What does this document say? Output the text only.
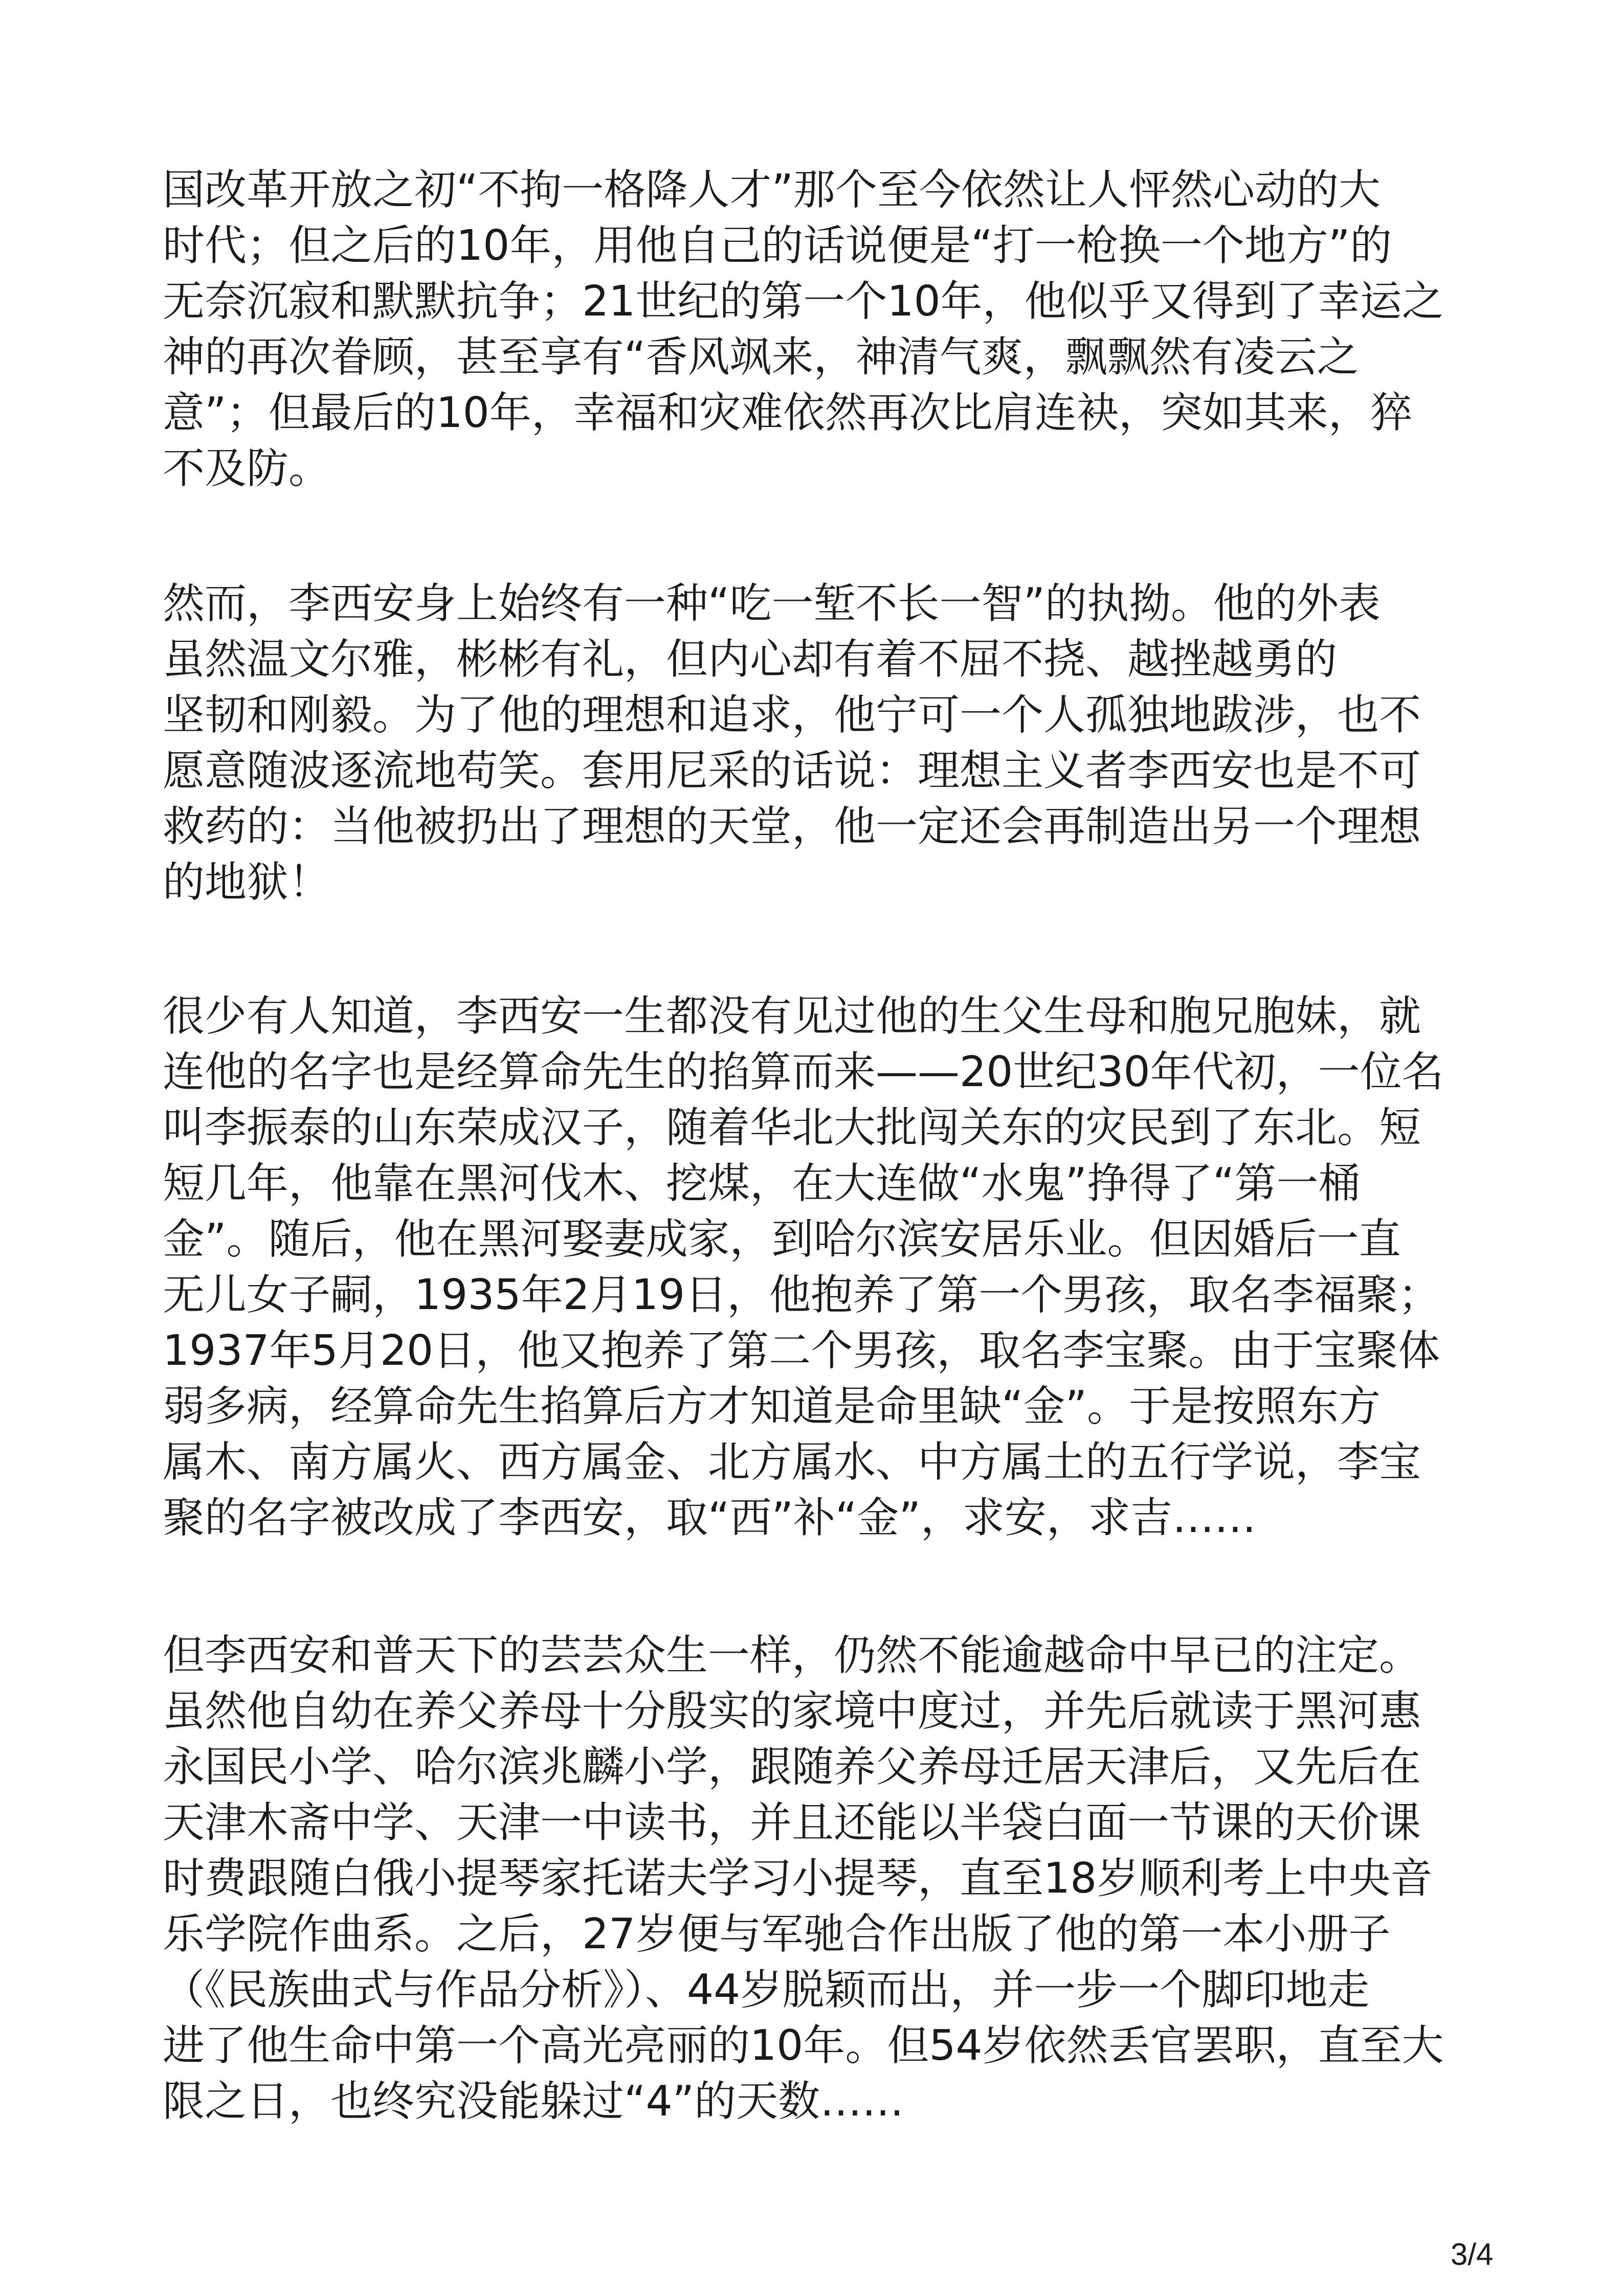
国改革开放之初“不拘一格降人才”那个至今依然让人怦然心动的大
时代；但之后的10年，用他自己的话说便是“打一枪换一个地方”的
无奈沉寂和默默抗争；21世纪的第一个10年，他似乎又得到了幸运之
神的再次眷顾，甚至享有“香风飒来，神清气爽，飘飘然有凌云之
意”；但最后的10年，幸福和灾难依然再次比肩连袂，突如其来，猝
不及防。
然而，李西安身上始终有一种“吃一堑不长一智”的执拗。他的外表
虽然温文尔雅，彬彬有礼，但内心却有着不屈不挠、越挫越勇的
坚韧和刚毅。为了他的理想和追求，他宁可一个人孤独地跋涉，也不
愿意随波逐流地苟笑。套用尼采的话说：理想主义者李西安也是不可
救药的：当他被扔出了理想的天堂，他一定还会再制造出另一个理想
的地狱！
很少有人知道，李西安一生都没有见过他的生父生母和胞兄胞妹，就
连他的名字也是经算命先生的掐算而来——20世纪30年代初，一位名
叫李振泰的山东荣成汉子，随着华北大批闯关东的灾民到了东北。短
短几年，他靠在黑河伐木、挖煤，在大连做“水鬼”挣得了“第一桶
金”。随后，他在黑河娶妻成家，到哈尔滨安居乐业。但因婚后一直
无儿女子嗣，1935年2月19日，他抱养了第一个男孩，取名李福聚；
1937年5月20日，他又抱养了第二个男孩，取名李宝聚。由于宝聚体
弱多病，经算命先生掐算后方才知道是命里缺“金”。于是按照东方
属木、南方属火、西方属金、北方属水、中方属土的五行学说，李宝
聚的名字被改成了李西安，取“西”补“金”，求安，求吉……
但李西安和普天下的芸芸众生一样，仍然不能逾越命中早已的注定。
虽然他自幼在养父养母十分殷实的家境中度过，并先后就读于黑河惠
永国民小学、哈尔滨兆麟小学，跟随养父养母迁居天津后，又先后在
天津木斋中学、天津一中读书，并且还能以半袋白面一节课的天价课
时费跟随白俄小提琴家托诺夫学习小提琴，直至18岁顺利考上中央音
乐学院作曲系。之后，27岁便与军驰合作出版了他的第一本小册子
（《民族曲式与作品分析》）、44岁脱颖而出，并一步一个脚印地走
进了他生命中第一个高光亮丽的10年。但54岁依然丢官罢职，直至大
限之日，也终究没能躲过“4”的天数……
3/4
